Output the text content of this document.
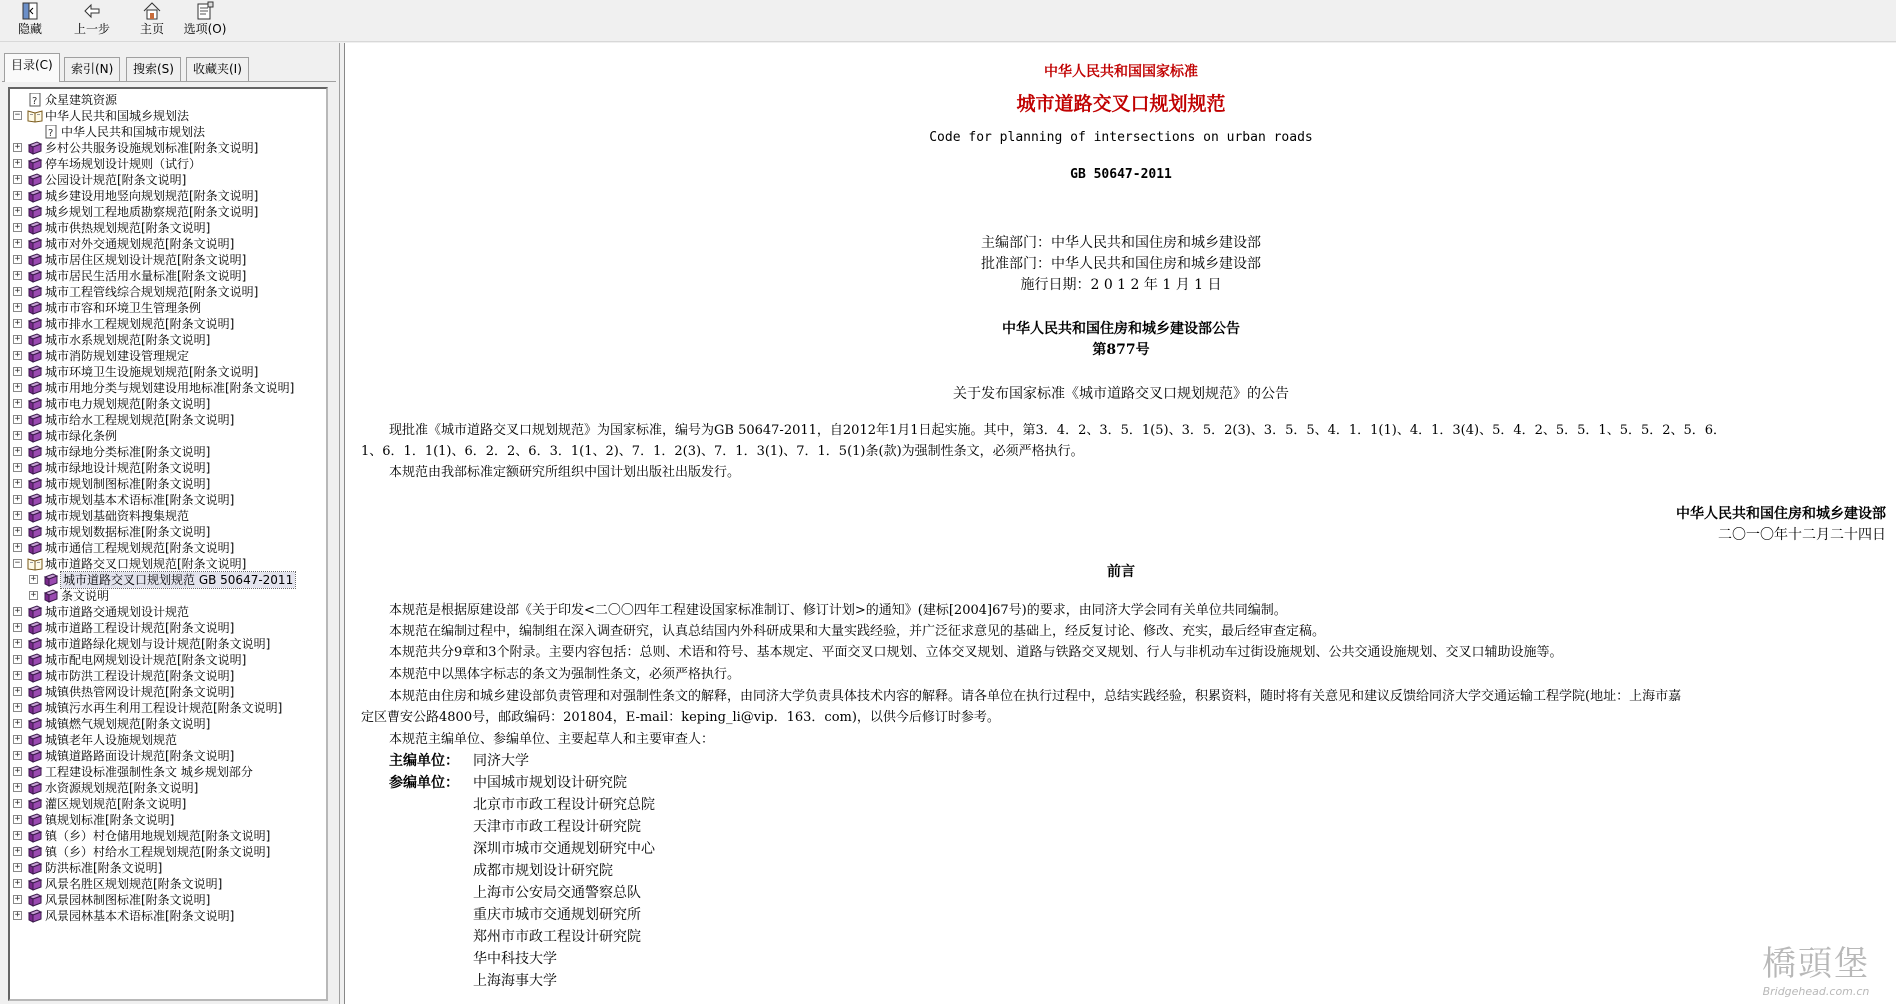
隐藏	上一步	主页	选项(O)
目录(C)	索引(N)	搜索(S)	收藏夹(I)
? 众星建筑资源
− 中华人民共和国城乡规划法
? 中华人民共和国城市规划法
+ 乡村公共服务设施规划标准[附条文说明]
+ 停车场规划设计规则（试行）
+ 公园设计规范[附条文说明]
+ 城乡建设用地竖向规划规范[附条文说明]
+ 城乡规划工程地质勘察规范[附条文说明]
+ 城市供热规划规范[附条文说明]
+ 城市对外交通规划规范[附条文说明]
+ 城市居住区规划设计规范[附条文说明]
+ 城市居民生活用水量标准[附条文说明]
+ 城市工程管线综合规划规范[附条文说明]
+ 城市市容和环境卫生管理条例
+ 城市排水工程规划规范[附条文说明]
+ 城市水系规划规范[附条文说明]
+ 城市消防规划建设管理规定
+ 城市环境卫生设施规划规范[附条文说明]
+ 城市用地分类与规划建设用地标准[附条文说明]
+ 城市电力规划规范[附条文说明]
+ 城市给水工程规划规范[附条文说明]
+ 城市绿化条例
+ 城市绿地分类标准[附条文说明]
+ 城市绿地设计规范[附条文说明]
+ 城市规划制图标准[附条文说明]
+ 城市规划基本术语标准[附条文说明]
+ 城市规划基础资料搜集规范
+ 城市规划数据标准[附条文说明]
+ 城市通信工程规划规范[附条文说明]
− 城市道路交叉口规划规范[附条文说明]
+ 城市道路交叉口规划规范 GB 50647-2011
+ 条文说明
+ 城市道路交通规划设计规范
+ 城市道路工程设计规范[附条文说明]
+ 城市道路绿化规划与设计规范[附条文说明]
+ 城市配电网规划设计规范[附条文说明]
+ 城市防洪工程设计规范[附条文说明]
+ 城镇供热管网设计规范[附条文说明]
+ 城镇污水再生利用工程设计规范[附条文说明]
+ 城镇燃气规划规范[附条文说明]
+ 城镇老年人设施规划规范
+ 城镇道路路面设计规范[附条文说明]
+ 工程建设标准强制性条文 城乡规划部分
+ 水资源规划规范[附条文说明]
+ 灌区规划规范[附条文说明]
+ 镇规划标准[附条文说明]
+ 镇（乡）村仓储用地规划规范[附条文说明]
+ 镇（乡）村给水工程规划规范[附条文说明]
+ 防洪标准[附条文说明]
+ 风景名胜区规划规范[附条文说明]
+ 风景园林制图标准[附条文说明]
+ 风景园林基本术语标准[附条文说明]
中华人民共和国国家标准
城市道路交叉口规划规范
Code for planning of intersections on urban roads
GB 50647-2011
主编部门：中华人民共和国住房和城乡建设部
批准部门：中华人民共和国住房和城乡建设部
施行日期：2 0 1 2 年 1 月 1 日
中华人民共和国住房和城乡建设部公告
第877号
关于发布国家标准《城市道路交叉口规划规范》的公告
现批准《城市道路交叉口规划规范》为国家标准，编号为GB 50647-2011，自2012年1月1日起实施。其中，第3．4．2、3．5．1(5)、3．5．2(3)、3．5．5、4．1．1(1)、4．1．3(4)、5．4．2、5．5．1、5．5．2、5．6．
1、6．1．1(1)、6．2．2、6．3．1(1、2)、7．1．2(3)、7．1．3(1)、7．1．5(1)条(款)为强制性条文，必须严格执行。
本规范由我部标准定额研究所组织中国计划出版社出版发行。
中华人民共和国住房和城乡建设部
二〇一〇年十二月二十四日
前言
本规范是根据原建设部《关于印发<二〇〇四年工程建设国家标准制订、修订计划>的通知》(建标[2004]67号)的要求，由同济大学会同有关单位共同编制。
本规范在编制过程中，编制组在深入调查研究，认真总结国内外科研成果和大量实践经验，并广泛征求意见的基础上，经反复讨论、修改、充实，最后经审查定稿。
本规范共分9章和3个附录。主要内容包括：总则、术语和符号、基本规定、平面交叉口规划、立体交叉规划、道路与铁路交叉规划、行人与非机动车过街设施规划、公共交通设施规划、交叉口辅助设施等。
本规范中以黑体字标志的条文为强制性条文，必须严格执行。
本规范由住房和城乡建设部负责管理和对强制性条文的解释，由同济大学负责具体技术内容的解释。请各单位在执行过程中，总结实践经验，积累资料，随时将有关意见和建议反馈给同济大学交通运输工程学院(地址：上海市嘉
定区曹安公路4800号，邮政编码：201804，E-mail：keping_li@vip．163．com)，以供今后修订时参考。
本规范主编单位、参编单位、主要起草人和主要审查人：
主编单位： 同济大学
参编单位： 中国城市规划设计研究院
北京市市政工程设计研究总院
天津市市政工程设计研究院
深圳市城市交通规划研究中心
成都市规划设计研究院
上海市公安局交通警察总队
重庆市城市交通规划研究所
郑州市市政工程设计研究院
华中科技大学
上海海事大学	橋頭堡
Bridgehead.com.cn
